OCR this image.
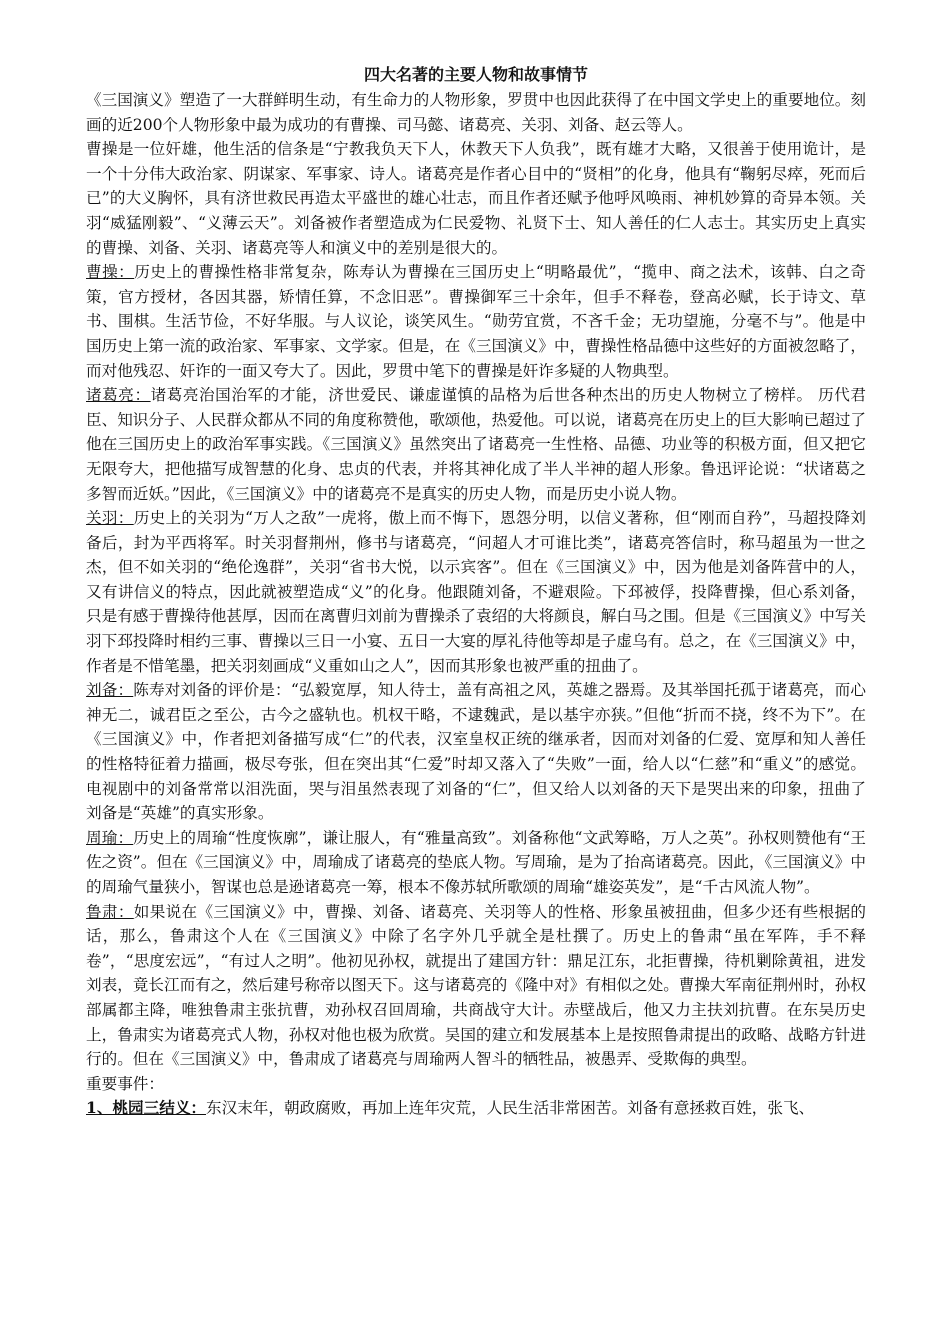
四大名著的主要人物和故事情节

《三国演义》塑造了一大群鲜明生动，有生命力的人物形象，罗贯中也因此获得了在中国文学史上的重要地位。刻画的近200个人物形象中最为成功的有曹操、司马懿、诸葛亮、关羽、刘备、赵云等人。

曹操是一位奸雄，他生活的信条是“宁教我负天下人，休教天下人负我”，既有雄才大略，又很善于使用诡计，是一个十分伟大政治家、阴谋家、军事家、诗人。诸葛亮是作者心目中的“贤相”的化身，他具有“鞠躬尽瘁，死而后已”的大义胸怀，具有济世救民再造太平盛世的雄心壮志，而且作者还赋予他呼风唤雨、神机妙算的奇异本领。关羽“威猛刚毅”、“义薄云天”。刘备被作者塑造成为仁民爱物、礼贤下士、知人善任的仁人志士。其实历史上真实的曹操、刘备、关羽、诸葛亮等人和演义中的差别是很大的。

曹操：历史上的曹操性格非常复杂，陈寿认为曹操在三国历史上“明略最优”，“揽申、商之法术，该韩、白之奇策，官方授材，各因其器，矫情任算，不念旧恶”。曹操御军三十余年，但手不释卷，登高必赋，长于诗文、草书、围棋。生活节俭，不好华服。与人议论，谈笑风生。“勋劳宜赏，不吝千金；无功望施，分毫不与”。他是中国历史上第一流的政治家、军事家、文学家。但是，在《三国演义》中，曹操性格品德中这些好的方面被忽略了，而对他残忍、奸诈的一面又夸大了。因此，罗贯中笔下的曹操是奸诈多疑的人物典型。

诸葛亮：诸葛亮治国治军的才能，济世爱民、谦虚谨慎的品格为后世各种杰出的历史人物树立了榜样。 历代君臣、知识分子、人民群众都从不同的角度称赞他，歌颂他，热爱他。可以说，诸葛亮在历史上的巨大影响已超过了他在三国历史上的政治军事实践。《三国演义》虽然突出了诸葛亮一生性格、品德、功业等的积极方面，但又把它无限夸大，把他描写成智慧的化身、忠贞的代表，并将其神化成了半人半神的超人形象。鲁迅评论说：“状诸葛之多智而近妖。”因此，《三国演义》中的诸葛亮不是真实的历史人物，而是历史小说人物。

关羽：历史上的关羽为“万人之敌”一虎将，傲上而不悔下，恩怨分明，以信义著称，但“刚而自矜”，马超投降刘备后，封为平西将军。时关羽督荆州，修书与诸葛亮，“问超人才可谁比类”，诸葛亮答信时，称马超虽为一世之杰，但不如关羽的“绝伦逸群”，关羽“省书大悦，以示宾客”。但在《三国演义》中，因为他是刘备阵营中的人，又有讲信义的特点，因此就被塑造成“义”的化身。他跟随刘备，不避艰险。下邳被俘，投降曹操，但心系刘备，只是有感于曹操待他甚厚，因而在离曹归刘前为曹操杀了袁绍的大将颜良，解白马之围。但是《三国演义》中写关羽下邳投降时相约三事、曹操以三日一小宴、五日一大宴的厚礼待他等却是子虚乌有。总之，在《三国演义》中，作者是不惜笔墨，把关羽刻画成“义重如山之人”，因而其形象也被严重的扭曲了。

刘备：陈寿对刘备的评价是：“弘毅宽厚，知人待士，盖有高祖之风，英雄之器焉。及其举国托孤于诸葛亮，而心神无二，诚君臣之至公，古今之盛轨也。机权干略，不逮魏武，是以基宇亦狭。”但他“折而不挠，终不为下”。在《三国演义》中，作者把刘备描写成“仁”的代表，汉室皇权正统的继承者，因而对刘备的仁爱、宽厚和知人善任的性格特征着力描画，极尽夸张，但在突出其“仁爱”时却又落入了“失败”一面，给人以“仁慈”和“重义”的感觉。电视剧中的刘备常常以泪洗面，哭与泪虽然表现了刘备的“仁”，但又给人以刘备的天下是哭出来的印象，扭曲了刘备是“英雄”的真实形象。

周瑜：历史上的周瑜“性度恢廓”，谦让服人，有“雅量高致”。刘备称他“文武筹略，万人之英”。孙权则赞他有“王佐之资”。但在《三国演义》中，周瑜成了诸葛亮的垫底人物。写周瑜，是为了抬高诸葛亮。因此，《三国演义》中的周瑜气量狭小，智谋也总是逊诸葛亮一筹，根本不像苏轼所歌颂的周瑜“雄姿英发”，是“千古风流人物”。

鲁肃：如果说在《三国演义》中，曹操、刘备、诸葛亮、关羽等人的性格、形象虽被扭曲，但多少还有些根据的话，那么，鲁肃这个人在《三国演义》中除了名字外几乎就全是杜撰了。历史上的鲁肃“虽在军阵，手不释卷”，“思度宏远”，“有过人之明”。他初见孙权，就提出了建国方针：鼎足江东，北拒曹操，待机剿除黄祖，进发刘表，竟长江而有之，然后建号称帝以图天下。这与诸葛亮的《隆中对》有相似之处。曹操大军南征荆州时，孙权部属都主降，唯独鲁肃主张抗曹，劝孙权召回周瑜，共商战守大计。赤壁战后，他又力主扶刘抗曹。在东吴历史上，鲁肃实为诸葛亮式人物，孙权对他也极为欣赏。吴国的建立和发展基本上是按照鲁肃提出的政略、战略方针进行的。但在《三国演义》中，鲁肃成了诸葛亮与周瑜两人智斗的牺牲品，被愚弄、受欺侮的典型。

重要事件：

1、桃园三结义：东汉末年，朝政腐败，再加上连年灾荒，人民生活非常困苦。刘备有意拯救百姓，张飞、
